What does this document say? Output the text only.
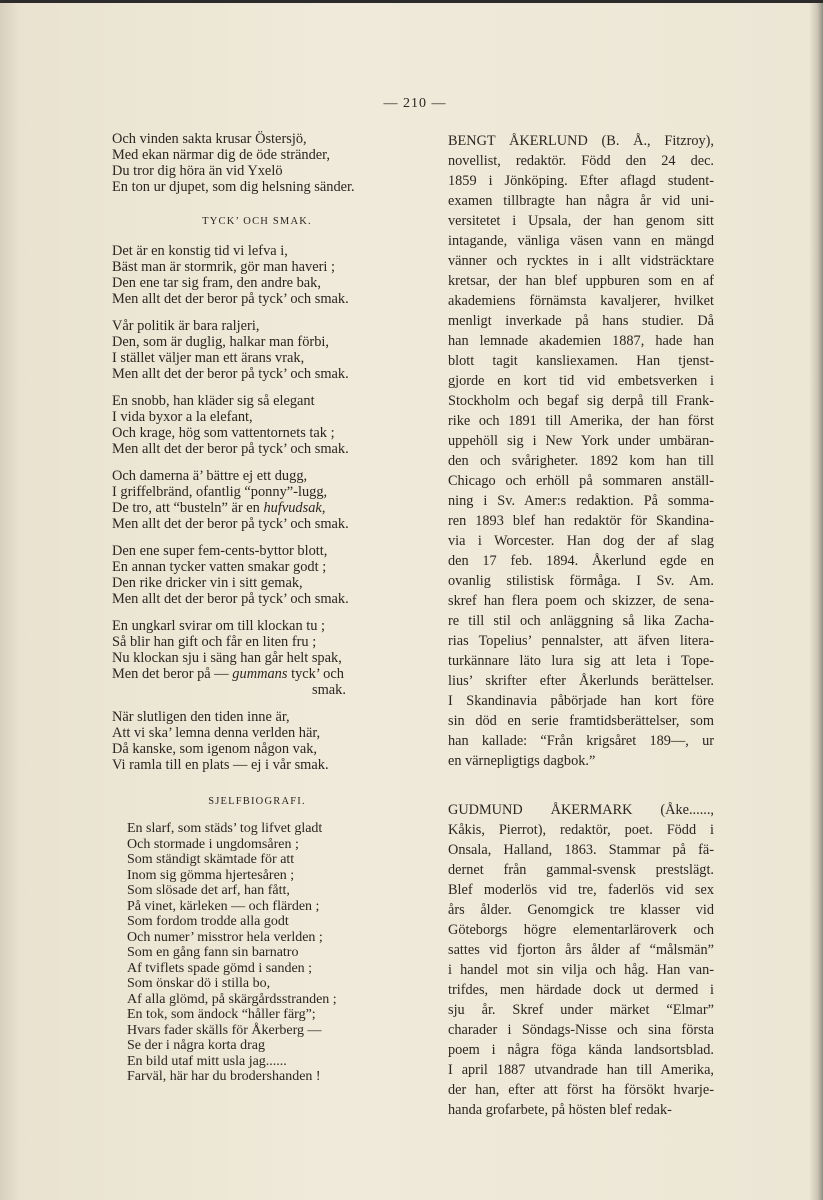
— 210 —
Och vinden sakta krusar Östersjö,
Med ekan närmar dig de öde stränder,
Du tror dig höra än vid Yxelö
En ton ur djupet, som dig helsning sänder.
TYCK’ OCH SMAK.
Det är en konstig tid vi lefva i,
Bäst man är stormrik, gör man haveri ;
Den ene tar sig fram, den andre bak,
Men allt det der beror på tyck’ och smak.
Vår politik är bara raljeri,
Den, som är duglig, halkar man förbi,
I stället väljer man ett ärans vrak,
Men allt det der beror på tyck’ och smak.
En snobb, han kläder sig så elegant
I vida byxor a la elefant,
Och krage, hög som vattentornets tak ;
Men allt det der beror på tyck’ och smak.
Och damerna ä’ bättre ej ett dugg,
I griffelbränd, ofantlig “ponny”-lugg,
De tro, att “busteln” är en hufvudsak,
Men allt det der beror på tyck’ och smak.
Den ene super fem-cents-byttor blott,
En annan tycker vatten smakar godt ;
Den rike dricker vin i sitt gemak,
Men allt det der beror på tyck’ och smak.
En ungkarl svirar om till klockan tu ;
Så blir han gift och får en liten fru ;
Nu klockan sju i säng han går helt spak,
Men det beror på — gummans tyck’ och
smak.
När slutligen den tiden inne är,
Att vi ska’ lemna denna verlden här,
Då kanske, som igenom någon vak,
Vi ramla till en plats — ej i vår smak.
SJELFBIOGRAFI.
En slarf, som städs’ tog lifvet gladt
Och stormade i ungdomsåren ;
Som ständigt skämtade för att
Inom sig gömma hjertesåren ;
Som slösade det arf, han fått,
På vinet, kärleken — och flärden ;
Som fordom trodde alla godt
Och numer’ misstror hela verlden ;
Som en gång fann sin barnatro
Af tviflets spade gömd i sanden ;
Som önskar dö i stilla bo,
Af alla glömd, på skärgårdsstranden ;
En tok, som ändock “håller färg”;
Hvars fader skälls för Åkerberg —
Se der i några korta drag
En bild utaf mitt usla jag......
Farväl, här har du brodershanden !
BENGT ÅKERLUND (B. Å., Fitzroy),
novellist, redaktör. Född den 24 dec.
1859 i Jönköping. Efter aflagd student-
examen tillbragte han några år vid uni-
versitetet i Upsala, der han genom sitt
intagande, vänliga väsen vann en mängd
vänner och rycktes in i allt vidsträcktare
kretsar, der han blef uppburen som en af
akademiens förnämsta kavaljerer, hvilket
menligt inverkade på hans studier. Då
han lemnade akademien 1887, hade han
blott tagit kansliexamen. Han tjenst-
gjorde en kort tid vid embetsverken i
Stockholm och begaf sig derpå till Frank-
rike och 1891 till Amerika, der han först
uppehöll sig i New York under umbäran-
den och svårigheter. 1892 kom han till
Chicago och erhöll på sommaren anställ-
ning i Sv. Amer:s redaktion. På somma-
ren 1893 blef han redaktör för Skandina-
via i Worcester. Han dog der af slag
den 17 feb. 1894. Åkerlund egde en
ovanlig stilistisk förmåga. I Sv. Am.
skref han flera poem och skizzer, de sena-
re till stil och anläggning så lika Zacha-
rias Topelius’ pennalster, att äfven litera-
turkännare läto lura sig att leta i Tope-
lius’ skrifter efter Åkerlunds berättelser.
I Skandinavia påbörjade han kort före
sin död en serie framtidsberättelser, som
han kallade: “Från krigsåret 189—, ur
en värnepligtigs dagbok.”
GUDMUND ÅKERMARK (Åke......,
Kåkis, Pierrot), redaktör, poet. Född i
Onsala, Halland, 1863. Stammar på fä-
dernet från gammal-svensk prestslägt.
Blef moderlös vid tre, faderlös vid sex
års ålder. Genomgick tre klasser vid
Göteborgs högre elementarläroverk och
sattes vid fjorton års ålder af “målsmän”
i handel mot sin vilja och håg. Han van-
trifdes, men härdade dock ut dermed i
sju år. Skref under märket “Elmar”
charader i Söndags-Nisse och sina första
poem i några föga kända landsortsblad.
I april 1887 utvandrade han till Amerika,
der han, efter att först ha försökt hvarje-
handa grofarbete, på hösten blef redak-
